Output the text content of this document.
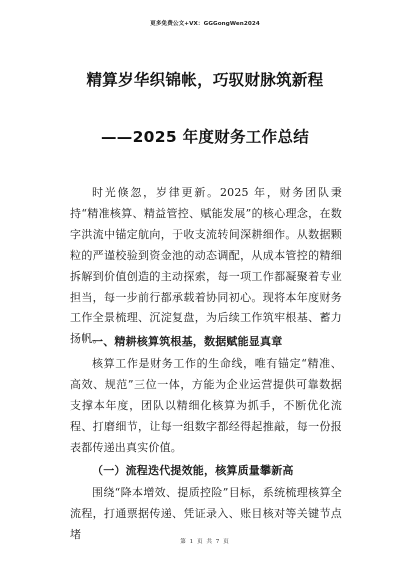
更多免费公文+VX：GGGongWen2024
精算岁华织锦帐，巧驭财脉筑新程
——2025 年度财务工作总结

时光倏忽，岁律更新。2025 年，财务团队秉持“精准核算、精益管控、赋能发展”的核心理念，在数字洪流中锚定航向，于收支流转间深耕细作。从数据颗粒的严谨校验到资金池的动态调配，从成本管控的精细拆解到价值创造的主动探索，每一项工作都凝聚着专业担当，每一步前行都承载着协同初心。现将本年度财务工作全景梳理、沉淀复盘，为后续工作筑牢根基、蓄力扬帆。

一、精耕核算筑根基，数据赋能显真章

核算工作是财务工作的生命线，唯有锚定“精准、高效、规范”三位一体，方能为企业运营提供可靠数据支撑本年度，团队以精细化核算为抓手，不断优化流程、打磨细节，让每一组数字都经得起推敲，每一份报表都传递出真实价值。

（一）流程迭代提效能，核算质量攀新高

围绕“降本增效、提质控险”目标，系统梳理核算全流程，打通票据传递、凭证录入、账目核对等关键节点堵

第 1 页 共 7 页
